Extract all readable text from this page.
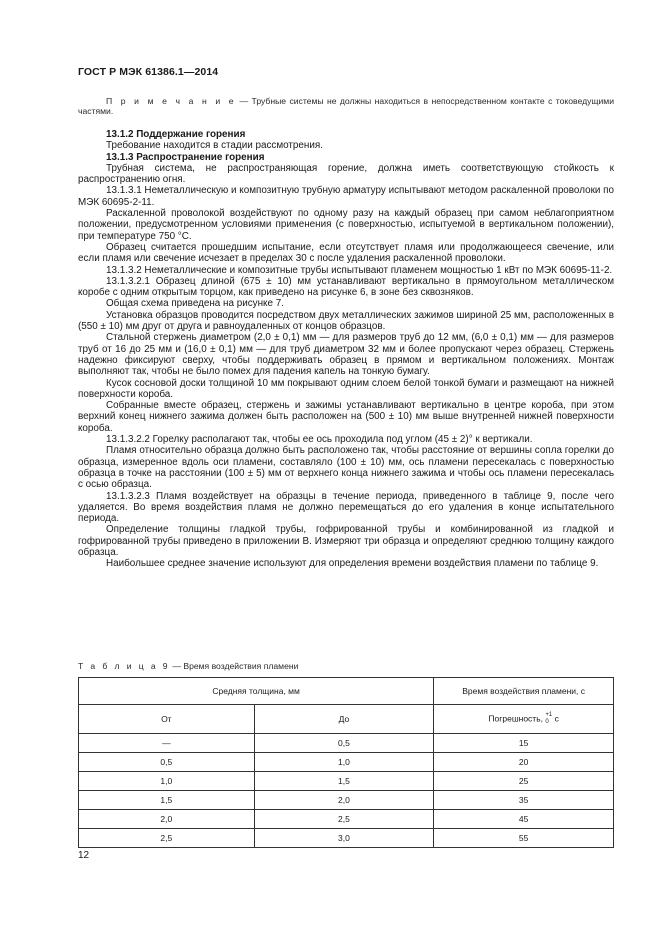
ГОСТ Р МЭК 61386.1—2014

П р и м е ч а н и е — Трубные системы не должны находиться в непосредственном контакте с токоведущими частями.

13.1.2 Поддержание горения

Требование находится в стадии рассмотрения.

13.1.3 Распространение горения

Трубная система, не распространяющая горение, должна иметь соответствующую стойкость к распространению огня.

13.1.3.1 Неметаллическую и композитную трубную арматуру испытывают методом раскаленной проволоки по МЭК 60695-2-11.

Раскаленной проволокой воздействуют по одному разу на каждый образец при самом неблагоприятном положении, предусмотренном условиями применения (с поверхностью, испытуемой в вертикальном положении), при температуре 750 °С.

Образец считается прошедшим испытание, если отсутствует пламя или продолжающееся свечение, или если пламя или свечение исчезает в пределах 30 с после удаления раскаленной проволоки.

13.1.3.2 Неметаллические и композитные трубы испытывают пламенем мощностью 1 кВт по МЭК 60695-11-2.

13.1.3.2.1 Образец длиной (675 ± 10) мм устанавливают вертикально в прямоугольном металлическом коробе с одним открытым торцом, как приведено на рисунке 6, в зоне без сквозняков.

Общая схема приведена на рисунке 7.

Установка образцов проводится посредством двух металлических зажимов шириной 25 мм, расположенных в (550 ± 10) мм друг от друга и равноудаленных от концов образцов.

Стальной стержень диаметром (2,0 ± 0,1) мм — для размеров труб до 12 мм, (6,0 ± 0,1) мм — для размеров труб от 16 до 25 мм и (16,0 ± 0,1) мм — для труб диаметром 32 мм и более пропускают через образец. Стержень надежно фиксируют сверху, чтобы поддерживать образец в прямом и вертикальном положениях. Монтаж выполняют так, чтобы не было помех для падения капель на тонкую бумагу.

Кусок сосновой доски толщиной 10 мм покрывают одним слоем белой тонкой бумаги и размещают на нижней поверхности короба.

Собранные вместе образец, стержень и зажимы устанавливают вертикально в центре короба, при этом верхний конец нижнего зажима должен быть расположен на (500 ± 10) мм выше внутренней нижней поверхности короба.

13.1.3.2.2 Горелку располагают так, чтобы ее ось проходила под углом (45 ± 2)° к вертикали.

Пламя относительно образца должно быть расположено так, чтобы расстояние от вершины сопла горелки до образца, измеренное вдоль оси пламени, составляло (100 ± 10) мм, ось пламени пересекалась с поверхностью образца в точке на расстоянии (100 ± 5) мм от верхнего конца нижнего зажима и чтобы ось пламени пересекалась с осью образца.

13.1.3.2.3 Пламя воздействует на образцы в течение периода, приведенного в таблице 9, после чего удаляется. Во время воздействия пламя не должно перемещаться до его удаления в конце испытательного периода.

Определение толщины гладкой трубы, гофрированной трубы и комбинированной из гладкой и гофрированной трубы приведено в приложении В. Измеряют три образца и определяют среднюю толщину каждого образца.

Наибольшее среднее значение используют для определения времени воздействия пламени по таблице 9.

Т а б л и ц а 9 — Время воздействия пламени
Средняя толщина, мм		Время воздействия пламени, с
От	До	Погрешность, +1
0 с
—	0,5	15
0,5	1,0	20
1,0	1,5	25
1,5	2,0	35
2,0	2,5	45
2,5	3,0	55
12
